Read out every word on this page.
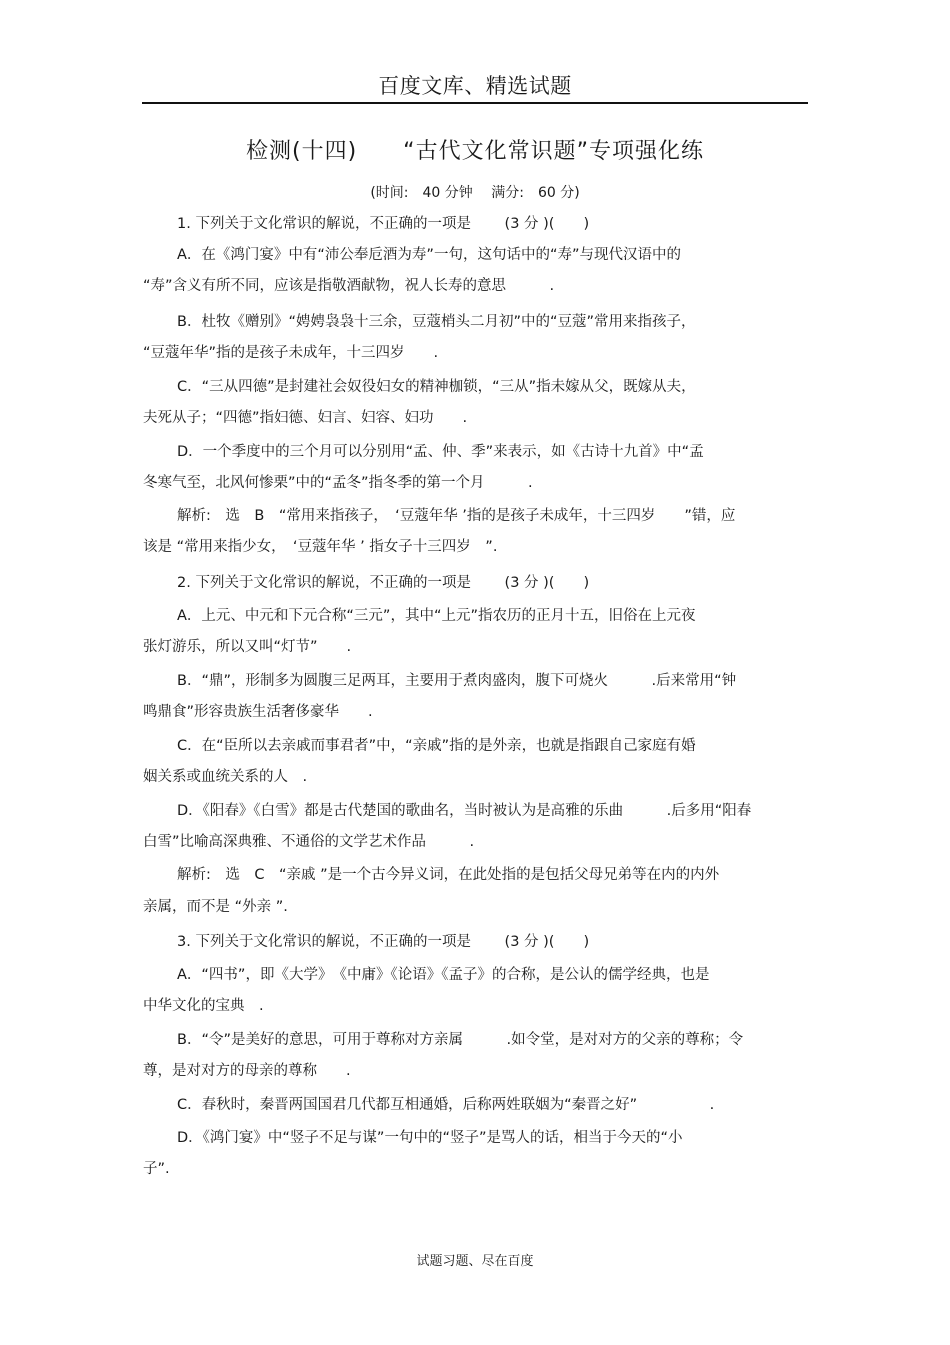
百度文库、精选试题
检测(十四)　　“古代文化常识题”专项强化练
(时间:　40 分钟　 满分:　60 分)
1. 下列关于文化常识的解说，不正确的一项是　　 (3 分 )(　　)
A．在《鸿门宴》中有“沛公奉卮酒为寿”一句，这句话中的“寿”与现代汉语中的
“寿”含义有所不同，应该是指敬酒献物，祝人长寿的意思　　　.
B．杜牧《赠别》“娉娉袅袅十三余，豆蔻梢头二月初”中的“豆蔻”常用来指孩子，
“豆蔻年华”指的是孩子未成年，十三四岁　　.
C．“三从四德”是封建社会奴役妇女的精神枷锁，“三从”指未嫁从父，既嫁从夫，
夫死从子；“四德”指妇德、妇言、妇容、妇功　　.
D．一个季度中的三个月可以分别用“孟、仲、季”来表示，如《古诗十九首》中“孟
冬寒气至，北风何惨栗”中的“孟冬”指冬季的第一个月　　　.
解析:　选　B　“常用来指孩子，　‘豆蔻年华 ’指的是孩子未成年，十三四岁　　”错，应
该是 “常用来指少女，　‘豆蔻年华 ’ 指女子十三四岁　”.
2. 下列关于文化常识的解说，不正确的一项是　　 (3 分 )(　　)
A．上元、中元和下元合称“三元”，其中“上元”指农历的正月十五，旧俗在上元夜
张灯游乐，所以又叫“灯节”　　.
B．“鼎”，形制多为圆腹三足两耳，主要用于煮肉盛肉，腹下可烧火　　　.后来常用“钟
鸣鼎食”形容贵族生活奢侈豪华　　.
C．在“臣所以去亲戚而事君者”中，“亲戚”指的是外亲，也就是指跟自己家庭有婚
姻关系或血统关系的人　.
D．《阳春》《白雪》都是古代楚国的歌曲名，当时被认为是高雅的乐曲　　　.后多用“阳春
白雪”比喻高深典雅、不通俗的文学艺术作品　　　.
解析:　选　C　“亲戚 ”是一个古今异义词，在此处指的是包括父母兄弟等在内的内外
亲属，而不是 “外亲 ”.
3. 下列关于文化常识的解说，不正确的一项是　　 (3 分 )(　　)
A．“四书”，即《大学》　《中庸》《论语》《孟子》的合称，是公认的儒学经典，也是
中华文化的宝典　.
B．“令”是美好的意思，可用于尊称对方亲属　　　.如令堂，是对对方的父亲的尊称；令
尊，是对对方的母亲的尊称　　.
C．春秋时，秦晋两国国君几代都互相通婚，后称两姓联姻为“秦晋之好”　　　　　.
D．《鸿门宴》中“竖子不足与谋”一句中的“竖子”是骂人的话，相当于今天的“小
子”.
试题习题、尽在百度
